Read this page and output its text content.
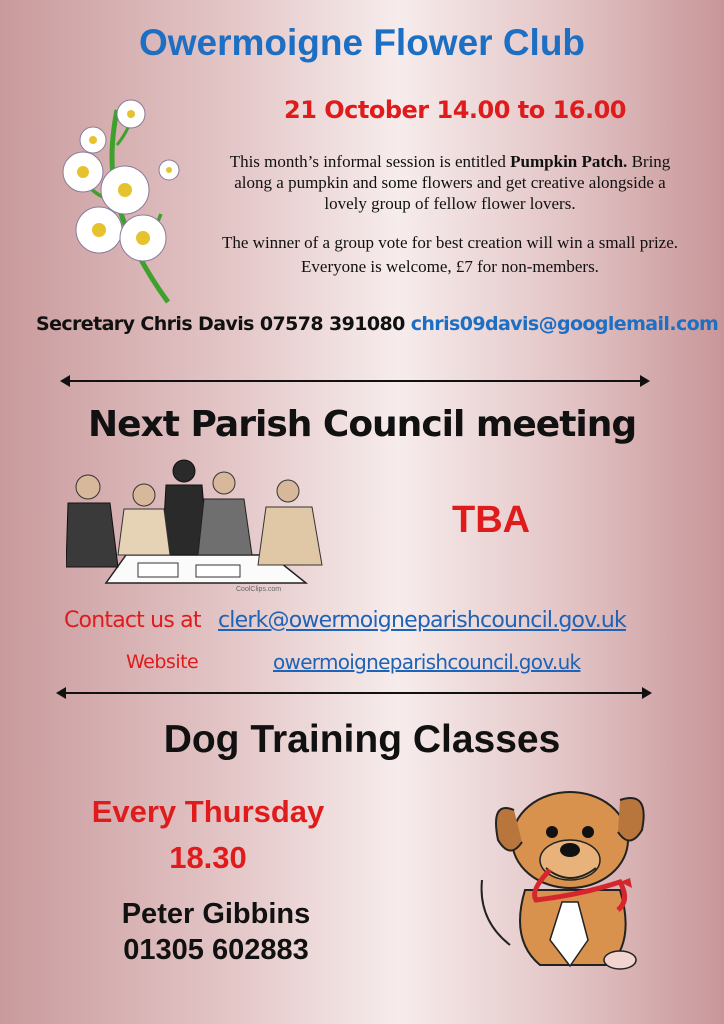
Owermoigne Flower Club
21 October 14.00 to 16.00
This month’s informal session is entitled Pumpkin Patch. Bring along a pumpkin and some flowers and get creative alongside a lovely group of fellow flower lovers.
The winner of a group vote for best creation will win a small prize. Everyone is welcome, £7 for non-members.
Secretary Chris Davis 07578 391080 chris09davis@googlemail.com
Next Parish Council meeting
CoolClips.com
TBA
Contact us at clerk@owermoigneparishcouncil.gov.uk
Website	owermoigneparishcouncil.gov.uk
Dog Training Classes
Every Thursday
18.30
Peter Gibbins
01305 602883
